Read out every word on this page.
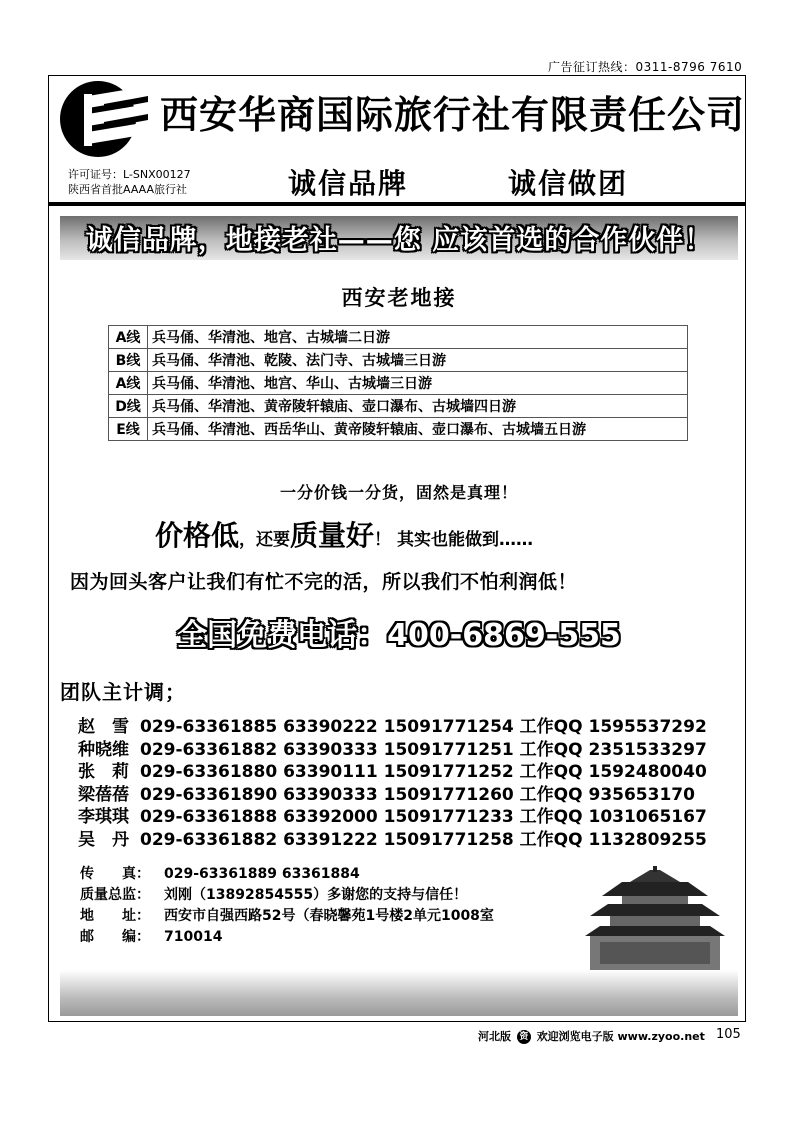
广告征订热线：0311-8796 7610
西安华商国际旅行社有限责任公司
许可证号：L-SNX00127
陕西省首批AAAA旅行社	诚信品牌	诚信做团
诚信品牌，地接老社——您 应该首选的合作伙伴！
西安老地接
A线	兵马俑、华清池、地宫、古城墙二日游
B线	兵马俑、华清池、乾陵、法门寺、古城墙三日游
A线	兵马俑、华清池、地宫、华山、古城墙三日游
D线	兵马俑、华清池、黄帝陵轩辕庙、壶口瀑布、古城墙四日游
E线	兵马俑、华清池、西岳华山、黄帝陵轩辕庙、壶口瀑布、古城墙五日游
一分价钱一分货，固然是真理！
价格低，还要质量好！ 其实也能做到……
因为回头客户让我们有忙不完的活，所以我们不怕利润低！
全国免费电话：400-6869-555
团队主计调；
赵　雪 029-63361885 63390222 15091771254 工作QQ 1595537292
种晓维 029-63361882 63390333 15091771251 工作QQ 2351533297
张　莉 029-63361880 63390111 15091771252 工作QQ 1592480040
梁蓓蓓 029-63361890 63390333 15091771260 工作QQ 935653170
李琪琪 029-63361888 63392000 15091771233 工作QQ 1031065167
吴　丹 029-63361882 63391222 15091771258 工作QQ 1132809255
传　　真： 029-63361889 63361884
质量总监： 刘刚（13892854555）多谢您的支持与信任！
地　　址： 西安市自强西路52号（春晓馨苑1号楼2单元1008室
邮　　编： 710014
河北版 资 欢迎浏览电子版 www.zyoo.net 105
